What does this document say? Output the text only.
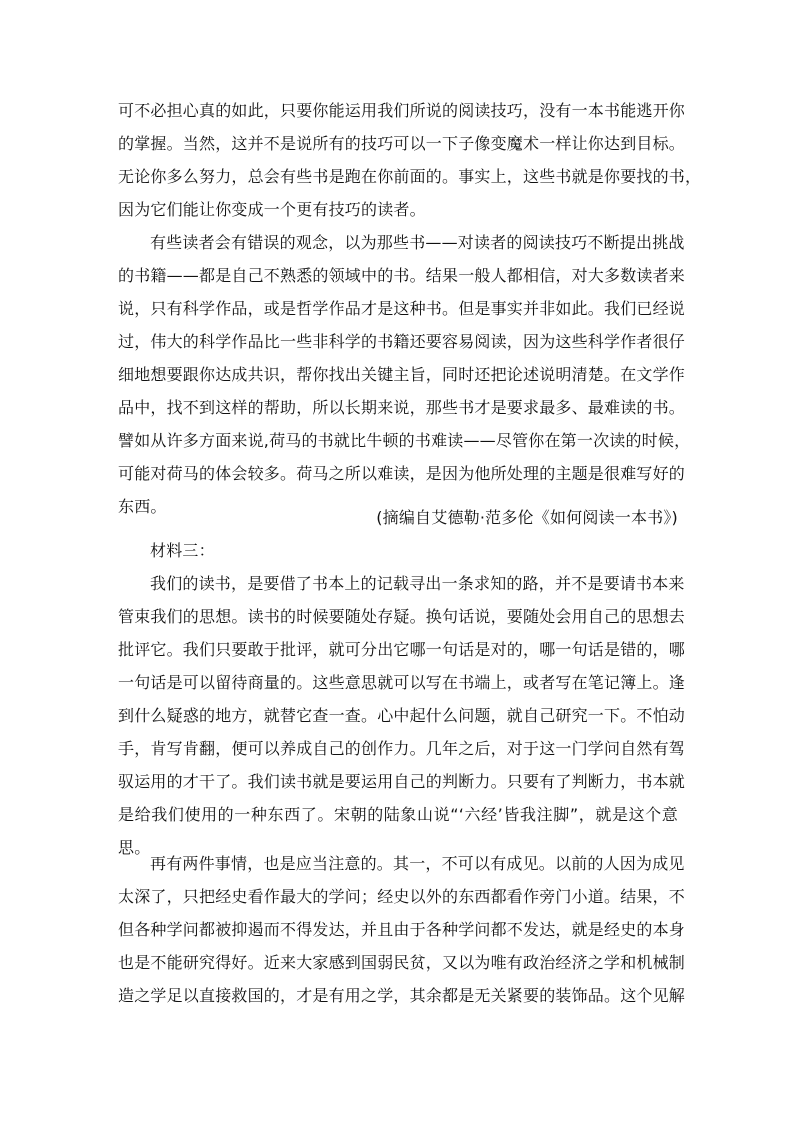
可不必担心真的如此，只要你能运用我们所说的阅读技巧，没有一本书能逃开你
的掌握。当然，这并不是说所有的技巧可以一下子像变魔术一样让你达到目标。
无论你多么努力，总会有些书是跑在你前面的。事实上，这些书就是你要找的书，
因为它们能让你变成一个更有技巧的读者。
有些读者会有错误的观念，以为那些书——对读者的阅读技巧不断提出挑战
的书籍——都是自己不熟悉的领域中的书。结果一般人都相信，对大多数读者来
说，只有科学作品，或是哲学作品才是这种书。但是事实并非如此。我们已经说
过，伟大的科学作品比一些非科学的书籍还要容易阅读，因为这些科学作者很仔
细地想要跟你达成共识，帮你找出关键主旨，同时还把论述说明清楚。在文学作
品中，找不到这样的帮助，所以长期来说，那些书才是要求最多、最难读的书。
譬如从许多方面来说,荷马的书就比牛顿的书难读——尽管你在第一次读的时候，
可能对荷马的体会较多。荷马之所以难读，是因为他所处理的主题是很难写好的
东西。
(摘编自艾德勒·范多伦《如何阅读一本书》)
材料三：
我们的读书，是要借了书本上的记载寻出一条求知的路，并不是要请书本来
管束我们的思想。读书的时候要随处存疑。换句话说，要随处会用自己的思想去
批评它。我们只要敢于批评，就可分出它哪一句话是对的，哪一句话是错的，哪
一句话是可以留待商量的。这些意思就可以写在书端上，或者写在笔记簿上。逢
到什么疑惑的地方，就替它查一查。心中起什么问题，就自己研究一下。不怕动
手，肯写肯翻，便可以养成自己的创作力。几年之后，对于这一门学问自然有驾
驭运用的才干了。我们读书就是要运用自己的判断力。只要有了判断力，书本就
是给我们使用的一种东西了。宋朝的陆象山说“‘六经’皆我注脚”，就是这个意
思。
再有两件事情，也是应当注意的。其一，不可以有成见。以前的人因为成见
太深了，只把经史看作最大的学问；经史以外的东西都看作旁门小道。结果，不
但各种学问都被抑遏而不得发达，并且由于各种学问都不发达，就是经史的本身
也是不能研究得好。近来大家感到国弱民贫，又以为唯有政治经济之学和机械制
造之学足以直接救国的，才是有用之学，其余都是无关紧要的装饰品。这个见解
